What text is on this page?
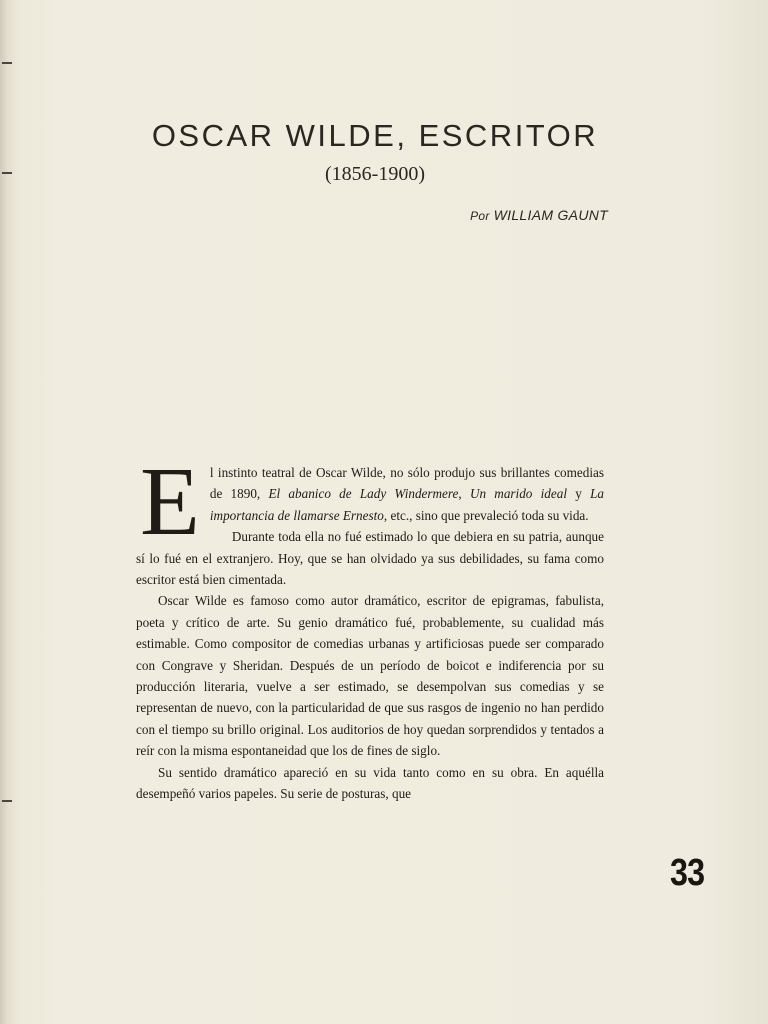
OSCAR WILDE, ESCRITOR
(1856-1900)
Por WILLIAM GAUNT

El instinto teatral de Oscar Wilde, no sólo produjo sus brillantes comedias de 1890, El abanico de Lady Windermere, Un marido ideal y La importancia de llamarse Ernesto, etc., sino que prevaleció toda su vida.

Durante toda ella no fué estimado lo que debiera en su patria, aunque sí lo fué en el extranjero. Hoy, que se han olvidado ya sus debilidades, su fama como escritor está bien cimentada.

Oscar Wilde es famoso como autor dramático, escritor de epigramas, fabulista, poeta y crítico de arte. Su genio dramático fué, probablemente, su cualidad más estimable. Como compositor de comedias urbanas y artificiosas puede ser comparado con Congrave y Sheridan. Después de un período de boicot e indiferencia por su producción literaria, vuelve a ser estimado, se desempolvan sus comedias y se representan de nuevo, con la particularidad de que sus rasgos de ingenio no han perdido con el tiempo su brillo original. Los auditorios de hoy quedan sorprendidos y tentados a reír con la misma espontaneidad que los de fines de siglo.

Su sentido dramático apareció en su vida tanto como en su obra. En aquélla desempeñó varios papeles. Su serie de posturas, que

33
